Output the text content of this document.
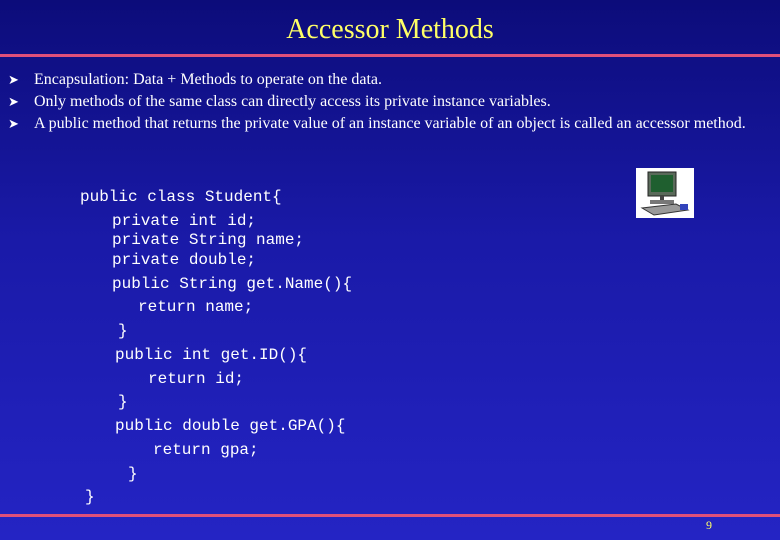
Accessor Methods
➤ Encapsulation: Data + Methods to operate on the data.
➤ Only methods of the same class can directly access its private instance variables.
➤ A public method that returns the private value of an instance variable of an object is called an accessor method.
public class Student{
private int id;
private String name;
private double;
public String get.Name(){
return name;
}
public int get.ID(){
return id;
}
public double get.GPA(){
return gpa;
}
}
9
